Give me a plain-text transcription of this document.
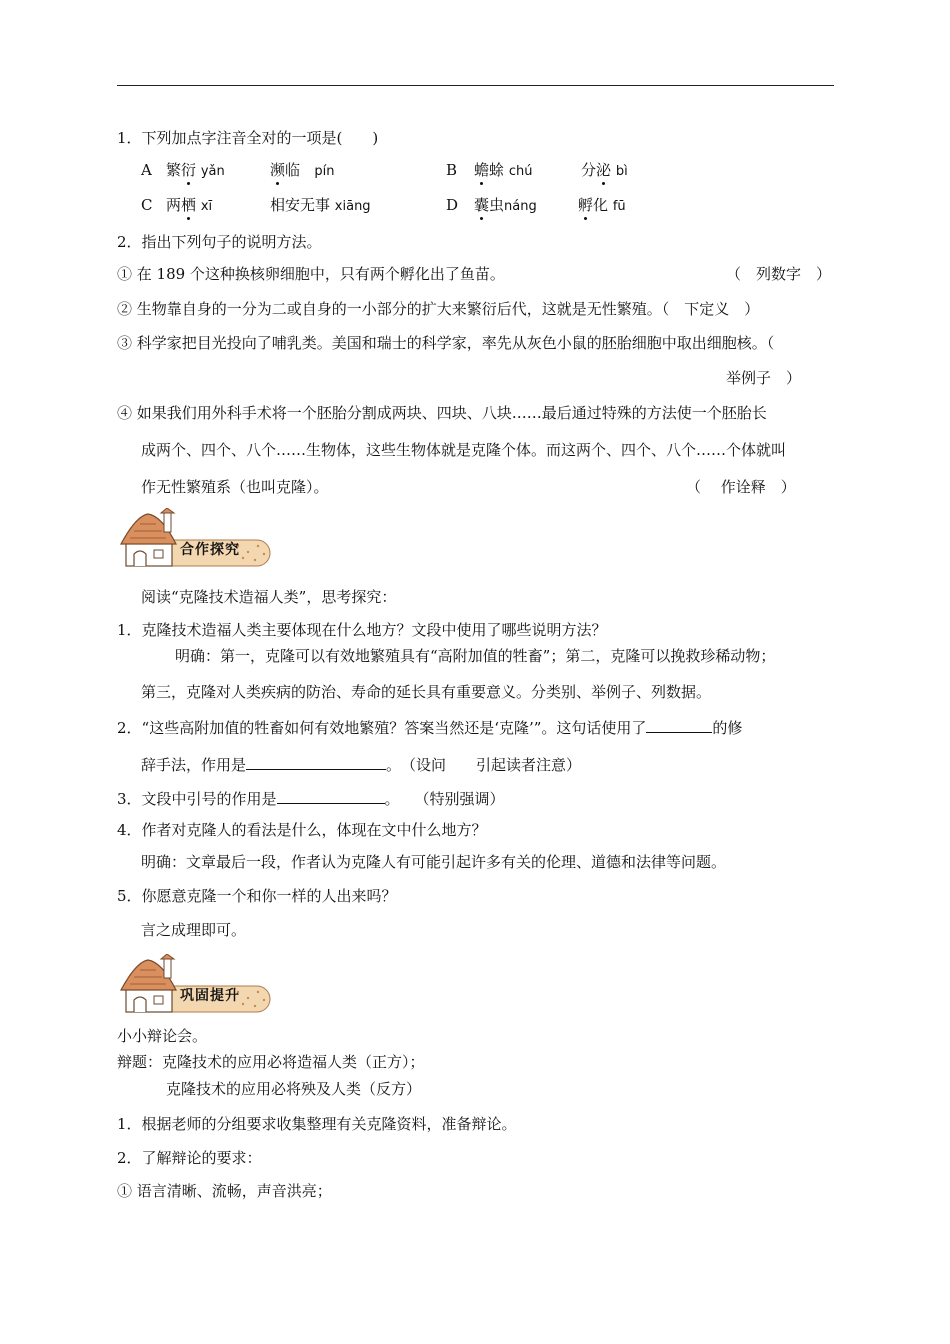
1．下列加点字注音全对的一项是(　　)
A 繁衍 yǎn	濒临 pín	B 蟾蜍 chú	分泌 bì
C 两栖 xī	相安无事 xiāng	D 囊虫náng	孵化 fū
2．指出下列句子的说明方法。
① 在 189 个这种换核卵细胞中，只有两个孵化出了鱼苗。	（　列数字　）
② 生物靠自身的一分为二或自身的一小部分的扩大来繁衍后代，这就是无性繁殖。（　下定义　）
③ 科学家把目光投向了哺乳类。美国和瑞士的科学家，率先从灰色小鼠的胚胎细胞中取出细胞核。（
举例子　）
④ 如果我们用外科手术将一个胚胎分割成两块、四块、八块……最后通过特殊的方法使一个胚胎长
成两个、四个、八个……生物体，这些生物体就是克隆个体。而这两个、四个、八个……个体就叫
作无性繁殖系（也叫克隆）。	（　 作诠释　）
合作探究
阅读“克隆技术造福人类”，思考探究：
1．克隆技术造福人类主要体现在什么地方？文段中使用了哪些说明方法？
明确：第一，克隆可以有效地繁殖具有“高附加值的牲畜”；第二，克隆可以挽救珍稀动物；
第三，克隆对人类疾病的防治、寿命的延长具有重要意义。分类别、举例子、列数据。
2．“这些高附加值的牲畜如何有效地繁殖？答案当然还是‘克隆’”。这句话使用了	的修
辞手法，作用是	。　（设问　　引起读者注意）
3．文段中引号的作用是	。　　（特别强调）
4．作者对克隆人的看法是什么，体现在文中什么地方？
明确：文章最后一段，作者认为克隆人有可能引起许多有关的伦理、道德和法律等问题。
5．你愿意克隆一个和你一样的人出来吗？
言之成理即可。
巩固提升
小小辩论会。
辩题：克隆技术的应用必将造福人类（正方）；
克隆技术的应用必将殃及人类（反方）
1．根据老师的分组要求收集整理有关克隆资料，准备辩论。
2．了解辩论的要求：
① 语言清晰、流畅，声音洪亮；
